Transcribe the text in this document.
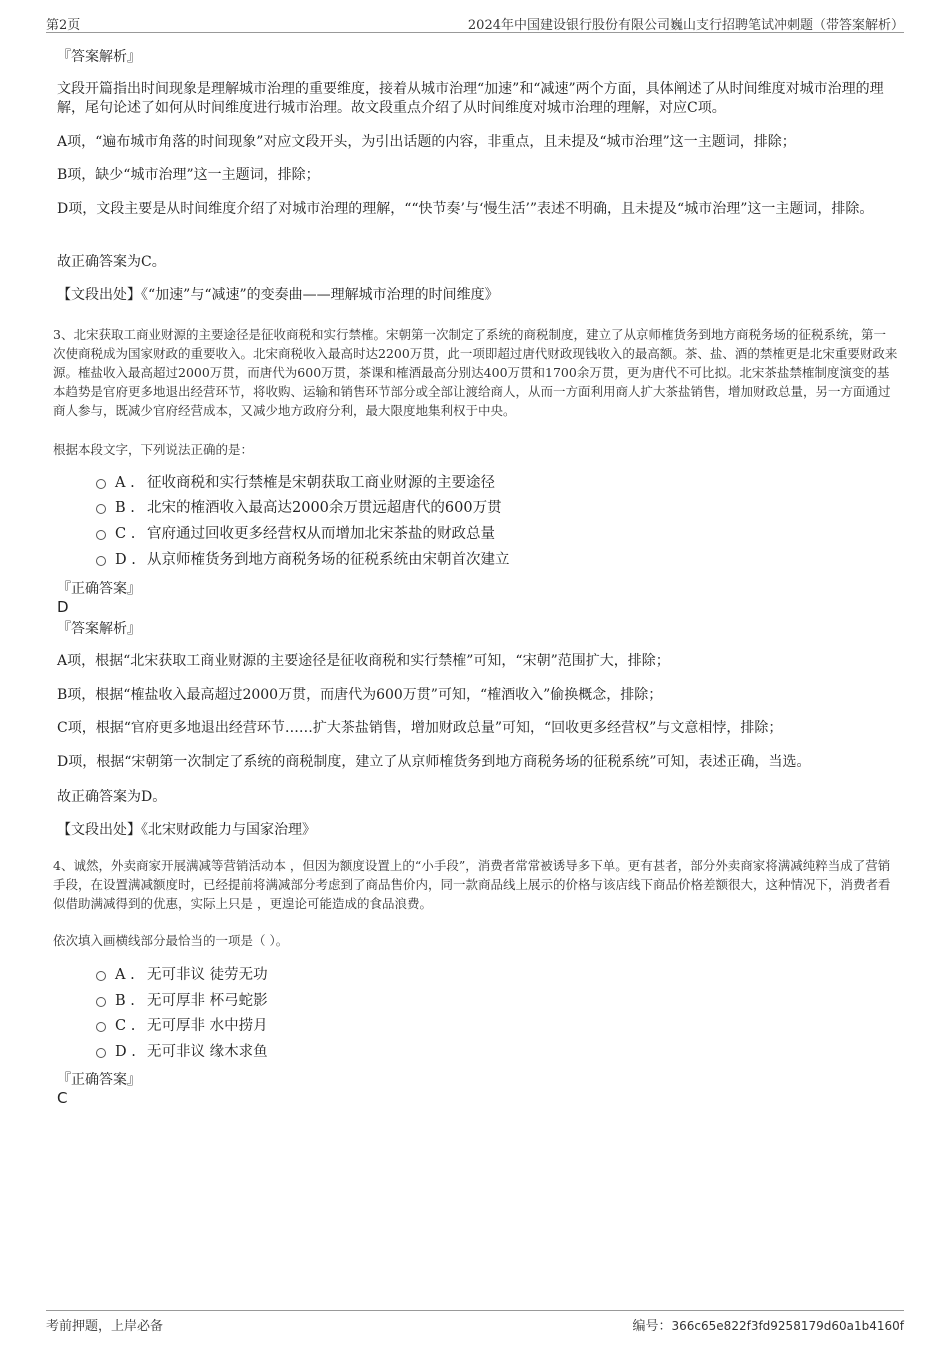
第2页	2024年中国建设银行股份有限公司巍山支行招聘笔试冲刺题（带答案解析）
『答案解析』
文段开篇指出时间现象是理解城市治理的重要维度，接着从城市治理“加速”和“减速”两个方面，具体阐述了从时间维度对城市治理的理解，尾句论述了如何从时间维度进行城市治理。故文段重点介绍了从时间维度对城市治理的理解，对应C项。
A项，“遍布城市角落的时间现象”对应文段开头，为引出话题的内容，非重点，且未提及“城市治理”这一主题词，排除；
B项，缺少“城市治理”这一主题词，排除；
D项，文段主要是从时间维度介绍了对城市治理的理解，““快节奏’与‘慢生活’”表述不明确，且未提及“城市治理”这一主题词，排除。
故正确答案为C。
【文段出处】《“加速”与“减速”的变奏曲——理解城市治理的时间维度》
3、北宋获取工商业财源的主要途径是征收商税和实行禁榷。宋朝第一次制定了系统的商税制度，建立了从京师榷货务到地方商税务场的征税系统，第一次使商税成为国家财政的重要收入。北宋商税收入最高时达2200万贯，此一项即超过唐代财政现钱收入的最高额。茶、盐、酒的禁榷更是北宋重要财政来源。榷盐收入最高超过2000万贯，而唐代为600万贯，茶课和榷酒最高分别达400万贯和1700余万贯，更为唐代不可比拟。北宋茶盐禁榷制度演变的基本趋势是官府更多地退出经营环节，将收购、运输和销售环节部分或全部让渡给商人，从而一方面利用商人扩大茶盐销售，增加财政总量，另一方面通过商人参与，既减少官府经营成本，又减少地方政府分利，最大限度地集利权于中央。
根据本段文字，下列说法正确的是：
A . 征收商税和实行禁榷是宋朝获取工商业财源的主要途径
B . 北宋的榷酒收入最高达2000余万贯远超唐代的600万贯
C . 官府通过回收更多经营权从而增加北宋茶盐的财政总量
D . 从京师榷货务到地方商税务场的征税系统由宋朝首次建立
『正确答案』
D
『答案解析』
A项，根据“北宋获取工商业财源的主要途径是征收商税和实行禁榷”可知，“宋朝”范围扩大，排除；
B项，根据“榷盐收入最高超过2000万贯，而唐代为600万贯”可知，“榷酒收入”偷换概念，排除；
C项，根据“官府更多地退出经营环节……扩大茶盐销售，增加财政总量”可知，“回收更多经营权”与文意相悖，排除；
D项，根据“宋朝第一次制定了系统的商税制度，建立了从京师榷货务到地方商税务场的征税系统”可知，表述正确，当选。
故正确答案为D。
【文段出处】《北宋财政能力与国家治理》
4、诚然，外卖商家开展满减等营销活动本 ，但因为额度设置上的“小手段”，消费者常常被诱导多下单。更有甚者，部分外卖商家将满减纯粹当成了营销手段，在设置满减额度时，已经提前将满减部分考虑到了商品售价内，同一款商品线上展示的价格与该店线下商品价格差额很大，这种情况下，消费者看似借助满减得到的优惠，实际上只是 ，更遑论可能造成的食品浪费。
依次填入画横线部分最恰当的一项是（ ）。
A . 无可非议 徒劳无功
B . 无可厚非 杯弓蛇影
C . 无可厚非 水中捞月
D . 无可非议 缘木求鱼
『正确答案』
C
考前押题，上岸必备	编号：366c65e822f3fd9258179d60a1b4160f
